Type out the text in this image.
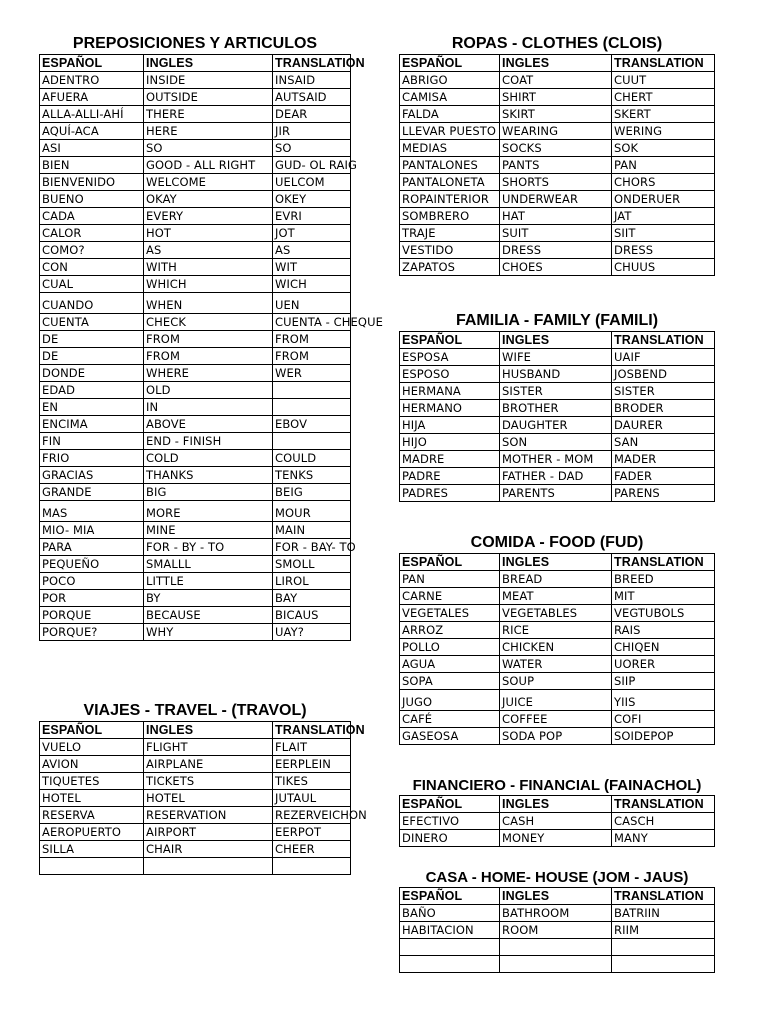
PREPOSICIONES Y ARTICULOS
ESPAÑOL	INGLES	TRANSLATION
ADENTRO	INSIDE	INSAID
AFUERA	OUTSIDE	AUTSAID
ALLA-ALLI-AHÍ	THERE	DEAR
AQUÍ-ACA	HERE	JIR
ASI	SO	SO
BIEN	GOOD - ALL RIGHT	GUD- OL RAIG
BIENVENIDO	WELCOME	UELCOM
BUENO	OKAY	OKEY
CADA	EVERY	EVRI
CALOR	HOT	JOT
COMO?	AS	AS
CON	WITH	WIT
CUAL	WHICH	WICH
CUANDO	WHEN	UEN
CUENTA	CHECK	CUENTA - CHEQUE
DE	FROM	FROM
DE	FROM	FROM
DONDE	WHERE	WER
EDAD	OLD	
EN	IN	
ENCIMA	ABOVE	EBOV
FIN	END - FINISH	
FRIO	COLD	COULD
GRACIAS	THANKS	TENKS
GRANDE	BIG	BEIG
MAS	MORE	MOUR
MIO- MIA	MINE	MAIN
PARA	FOR - BY - TO	FOR - BAY- TO
PEQUEÑO	SMALLL	SMOLL
POCO	LITTLE	LIROL
POR	BY	BAY
PORQUE	BECAUSE	BICAUS
PORQUE?	WHY	UAY?
VIAJES - TRAVEL - (TRAVOL)
ESPAÑOL	INGLES	TRANSLATION
VUELO	FLIGHT	FLAIT
AVION	AIRPLANE	EERPLEIN
TIQUETES	TICKETS	TIKES
HOTEL	HOTEL	JUTAUL
RESERVA	RESERVATION	REZERVEICHON
AEROPUERTO	AIRPORT	EERPOT
SILLA	CHAIR	CHEER

ROPAS - CLOTHES (CLOIS)
ESPAÑOL	INGLES	TRANSLATION
ABRIGO	COAT	CUUT
CAMISA	SHIRT	CHERT
FALDA	SKIRT	SKERT
LLEVAR PUESTO	WEARING	WERING
MEDIAS	SOCKS	SOK
PANTALONES	PANTS	PAN
PANTALONETA	SHORTS	CHORS
ROPAINTERIOR	UNDERWEAR	ONDERUER
SOMBRERO	HAT	JAT
TRAJE	SUIT	SIIT
VESTIDO	DRESS	DRESS
ZAPATOS	CHOES	CHUUS
FAMILIA - FAMILY (FAMILI)
ESPAÑOL	INGLES	TRANSLATION
ESPOSA	WIFE	UAIF
ESPOSO	HUSBAND	JOSBEND
HERMANA	SISTER	SISTER
HERMANO	BROTHER	BRODER
HIJA	DAUGHTER	DAURER
HIJO	SON	SAN
MADRE	MOTHER - MOM	MADER
PADRE	FATHER - DAD	FADER
PADRES	PARENTS	PARENS
COMIDA - FOOD (FUD)
ESPAÑOL	INGLES	TRANSLATION
PAN	BREAD	BREED
CARNE	MEAT	MIT
VEGETALES	VEGETABLES	VEGTUBOLS
ARROZ	RICE	RAIS
POLLO	CHICKEN	CHIQEN
AGUA	WATER	UORER
SOPA	SOUP	SIIP
JUGO	JUICE	YIIS
CAFÉ	COFFEE	COFI
GASEOSA	SODA POP	SOIDEPOP
FINANCIERO - FINANCIAL (FAINACHOL)
ESPAÑOL	INGLES	TRANSLATION
EFECTIVO	CASH	CASCH
DINERO	MONEY	MANY
CASA - HOME- HOUSE (JOM - JAUS)
ESPAÑOL	INGLES	TRANSLATION
BAÑO	BATHROOM	BATRIIN
HABITACION	ROOM	RIIM
